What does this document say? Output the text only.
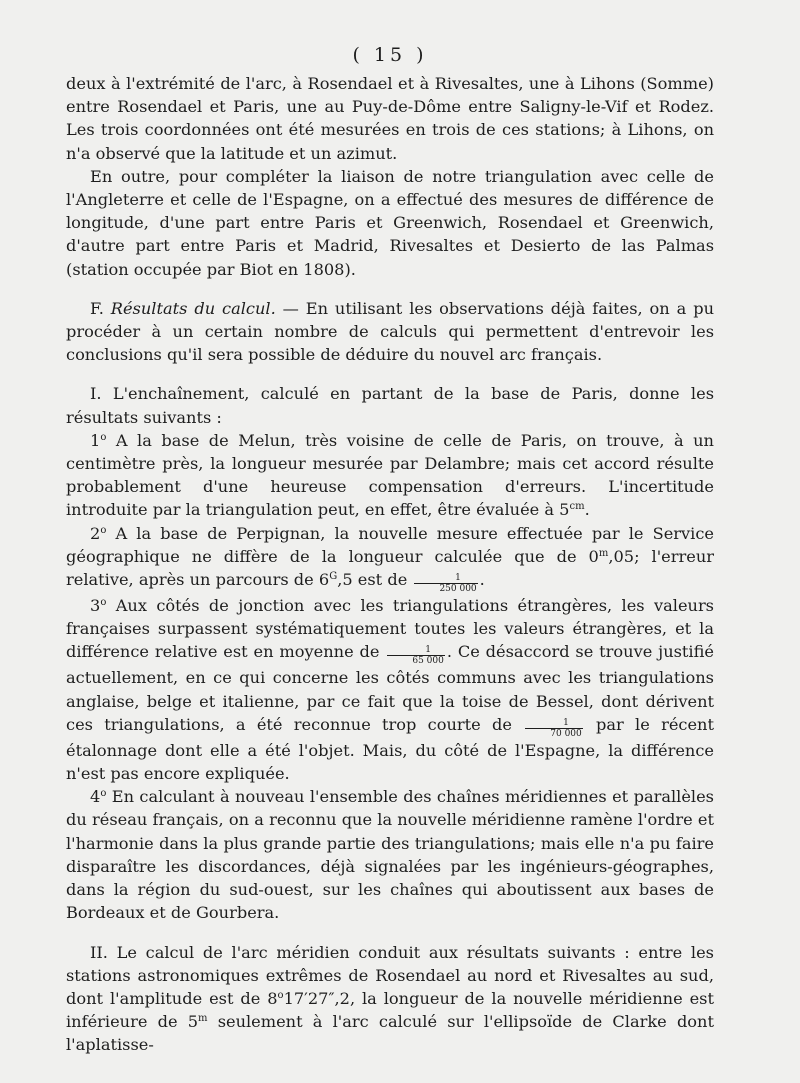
( 15 )

deux à l'extrémité de l'arc, à Rosendael et à Rivesaltes, une à Lihons (Somme) entre Rosendael et Paris, une au Puy-de-Dôme entre Saligny-le-Vif et Rodez. Les trois coordonnées ont été mesurées en trois de ces stations; à Lihons, on n'a observé que la latitude et un azimut.

En outre, pour compléter la liaison de notre triangulation avec celle de l'Angleterre et celle de l'Espagne, on a effectué des mesures de différence de longitude, d'une part entre Paris et Greenwich, Rosendael et Greenwich, d'autre part entre Paris et Madrid, Rivesaltes et Desierto de las Palmas (station occupée par Biot en 1808).

F. Résultats du calcul. — En utilisant les observations déjà faites, on a pu procéder à un certain nombre de calculs qui permettent d'entrevoir les conclusions qu'il sera possible de déduire du nouvel arc français.

I. L'enchaînement, calculé en partant de la base de Paris, donne les résultats suivants :

1$^o$ A la base de Melun, très voisine de celle de Paris, on trouve, à un centimètre près, la longueur mesurée par Delambre; mais cet accord résulte probablement d'une heureuse compensation d'erreurs. L'incertitude introduite par la triangulation peut, en effet, être évaluée à $5^{cm}$.

2$^o$ A la base de Perpignan, la nouvelle mesure effectuée par le Service géographique ne diffère de la longueur calculée que de 0$^m$,05; l'erreur relative, après un parcours de $6^G,5$ est de $\frac{1}{250 000}$ .

3$^o$ Aux côtés de jonction avec les triangulations étrangères, les valeurs françaises surpassent systématiquement toutes les valeurs étrangères, et la différence relative est en moyenne de $\frac{1}{65 000}$ . Ce désaccord se trouve justifié actuellement, en ce qui concerne les côtés communs avec les triangulations anglaise, belge et italienne, par ce fait que la toise de Bessel, dont dérivent ces triangulations, a été reconnue trop courte de $\frac{1}{70 000}$ par le récent étalonnage dont elle a été l'objet. Mais, du côté de l'Espagne, la différence n'est pas encore expliquée.

4$^o$ En calculant à nouveau l'ensemble des chaînes méridiennes et parallèles du réseau français, on a reconnu que la nouvelle méridienne ramène l'ordre et l'harmonie dans la plus grande partie des triangulations; mais elle n'a pu faire disparaître les discordances, déjà signalées par les ingénieurs-géographes, dans la région du sud-ouest, sur les chaînes qui aboutissent aux bases de Bordeaux et de Gourbera.

II. Le calcul de l'arc méridien conduit aux résultats suivants : entre les stations astronomiques extrêmes de Rosendael au nord et Rivesaltes au sud, dont l'amplitude est de 8$^o$17′27″,2, la longueur de la nouvelle méridienne est inférieure de 5$^m$ seulement à l'arc calculé sur l'ellipsoïde de Clarke dont l'aplatisse-
